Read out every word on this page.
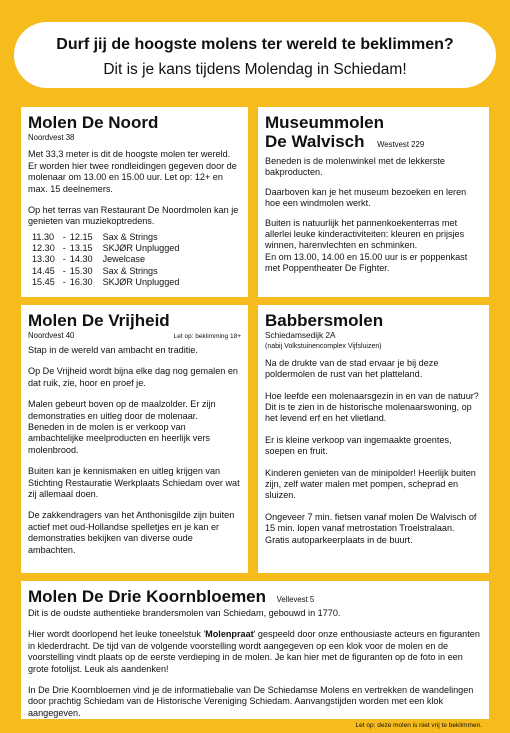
Durf jij de hoogste molens ter wereld te beklimmen?
Dit is je kans tijdens Molendag in Schiedam!
Molen De Noord
Noordvest 38

Met 33,3 meter is dit de hoogste molen ter wereld. Er worden hier twee rondleidingen gegeven door de molenaar om 13.00 en 15.00 uur. Let op: 12+ en max. 15 deelnemers.

Op het terras van Restaurant De Noordmolen kan je genieten van muziekoptredens.

11.30	-	12.15	Sax & Strings
12.30	-	13.15	SKJØR Unplugged
13.30	-	14.30	Jewelcase
14.45	-	15.30	Sax & Strings
15.45	-	16.30	SKJØR Unplugged
Museummolen
De Walvisch Westvest 229

Beneden is de molenwinkel met de lekkerste bakproducten.

Daarboven kan je het museum bezoeken en leren hoe een windmolen werkt.

Buiten is natuurlijk het pannenkoekenterras met allerlei leuke kinderactiviteiten: kleuren en prijsjes winnen, harenvlechten en schminken.
En om 13.00, 14.00 en 15.00 uur is er poppenkast met Poppentheater De Fighter.
Molen De Vrijheid
Noordvest 40	Let op: beklimming 18+

Stap in de wereld van ambacht en traditie.

Op De Vrijheid wordt bijna elke dag nog gemalen en dat ruik, zie, hoor en proef je.

Malen gebeurt boven op de maalzolder. Er zijn demonstraties en uitleg door de molenaar.

Beneden in de molen is er verkoop van ambachtelijke meelproducten en heerlijk vers molenbrood.

Buiten kan je kennismaken en uitleg krijgen van Stichting Restauratie Werkplaats Schiedam over wat zij allemaal doen.

De zakkendragers van het Anthonisgilde zijn buiten actief met oud-Hollandse spelletjes en je kan er demonstraties bekijken van diverse oude ambachten.

Babbersmolen
Schiedamsedijk 2A
(nabij Volkstuinencomplex Vijfsluizen)

Na de drukte van de stad ervaar je bij deze poldermolen de rust van het platteland.

Hoe leefde een molenaarsgezin in en van de natuur? Dit is te zien in de historische molenaarswoning, op het levend erf en het vlietland.

Er is kleine verkoop van ingemaakte groentes, soepen en fruit.

Kinderen genieten van de minipolder! Heerlijk buiten zijn, zelf water malen met pompen, scheprad en sluizen.

Ongeveer 7 min. fietsen vanaf molen De Walvisch of 15 min. lopen vanaf metrostation Troelstralaan.
Gratis autoparkeerplaats in de buurt.
Molen De Drie Koornbloemen Vellevest 5

Dit is de oudste authentieke brandersmolen van Schiedam, gebouwd in 1770.

Hier wordt doorlopend het leuke toneelstuk 'Molenpraat' gespeeld door onze enthousiaste acteurs en figuranten in klederdracht. De tijd van de volgende voorstelling wordt aangegeven op een klok voor de molen en de voorstelling vindt plaats op de eerste verdieping in de molen. Je kan hier met de figuranten op de foto in een grote fotolijst. Leuk als aandenken!

In De Drie Koornbloemen vind je de informatiebalie van De Schiedamse Molens en vertrekken de wandelingen door prachtig Schiedam van de Historische Vereniging Schiedam. Aanvangstijden worden met een klok aangegeven.
Let op: deze molen is niet vrij te beklimmen.
